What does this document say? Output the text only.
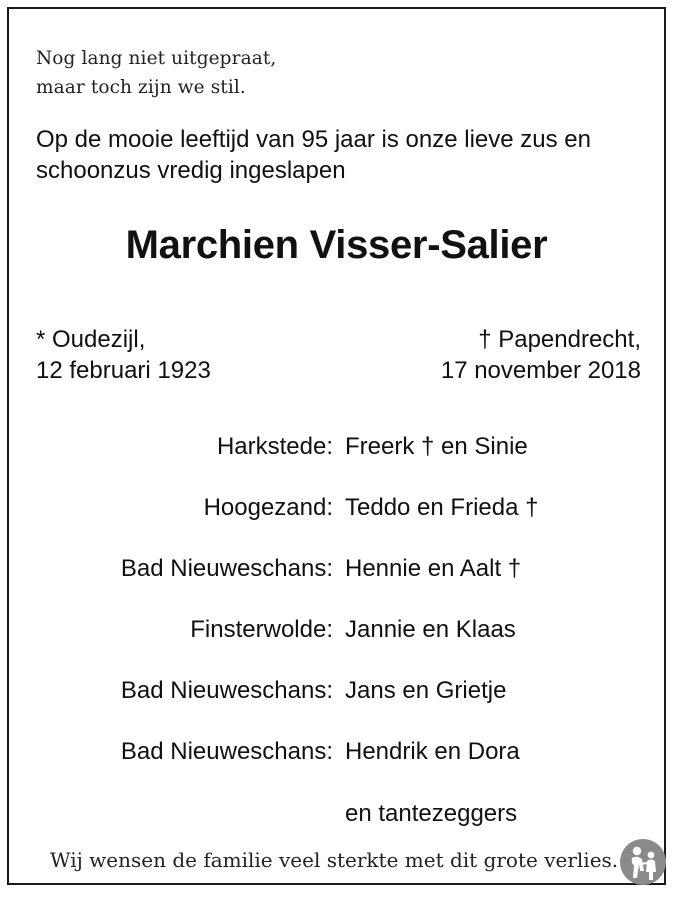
Nog lang niet uitgepraat,
maar toch zijn we stil.
Op de mooie leeftijd van 95 jaar is onze lieve zus en
schoonzus vredig ingeslapen
Marchien Visser-Salier
* Oudezijl,
12 februari 1923
† Papendrecht,
17 november 2018
Harkstede: Freerk † en Sinie
Hoogezand: Teddo en Frieda †
Bad Nieuweschans: Hennie en Aalt †
Finsterwolde: Jannie en Klaas
Bad Nieuweschans: Jans en Grietje
Bad Nieuweschans: Hendrik en Dora
en tantezeggers
Wij wensen de familie veel sterkte met dit grote verlies.
